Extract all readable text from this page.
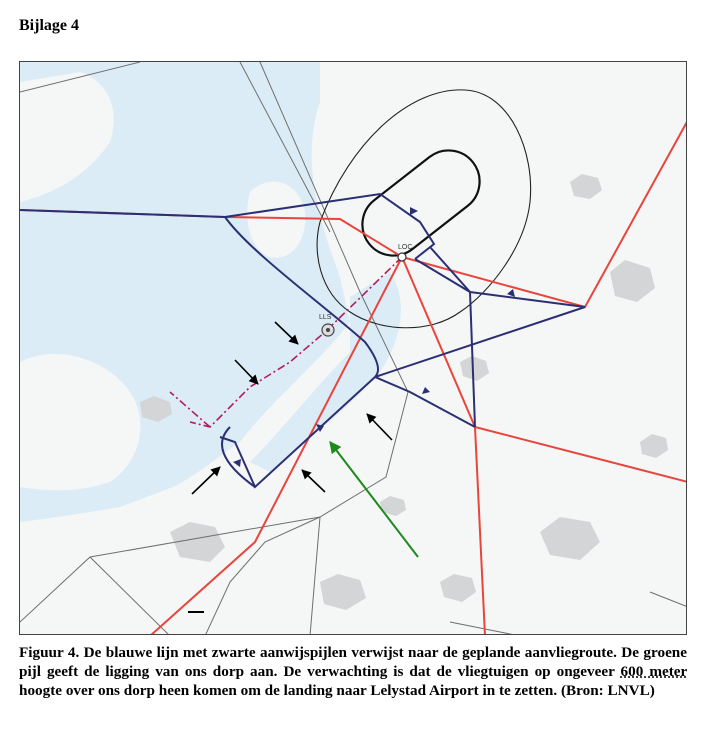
Bijlage 4
LOC
LLS
Figuur 4. De blauwe lijn met zwarte aanwijspijlen verwijst naar de geplande aanvliegroute. De groene pijl geeft de ligging van ons dorp aan. De verwachting is dat de vliegtuigen op ongeveer 600 meter hoogte over ons dorp heen komen om de landing naar Lelystad Airport in te zetten. (Bron: LNVL)
